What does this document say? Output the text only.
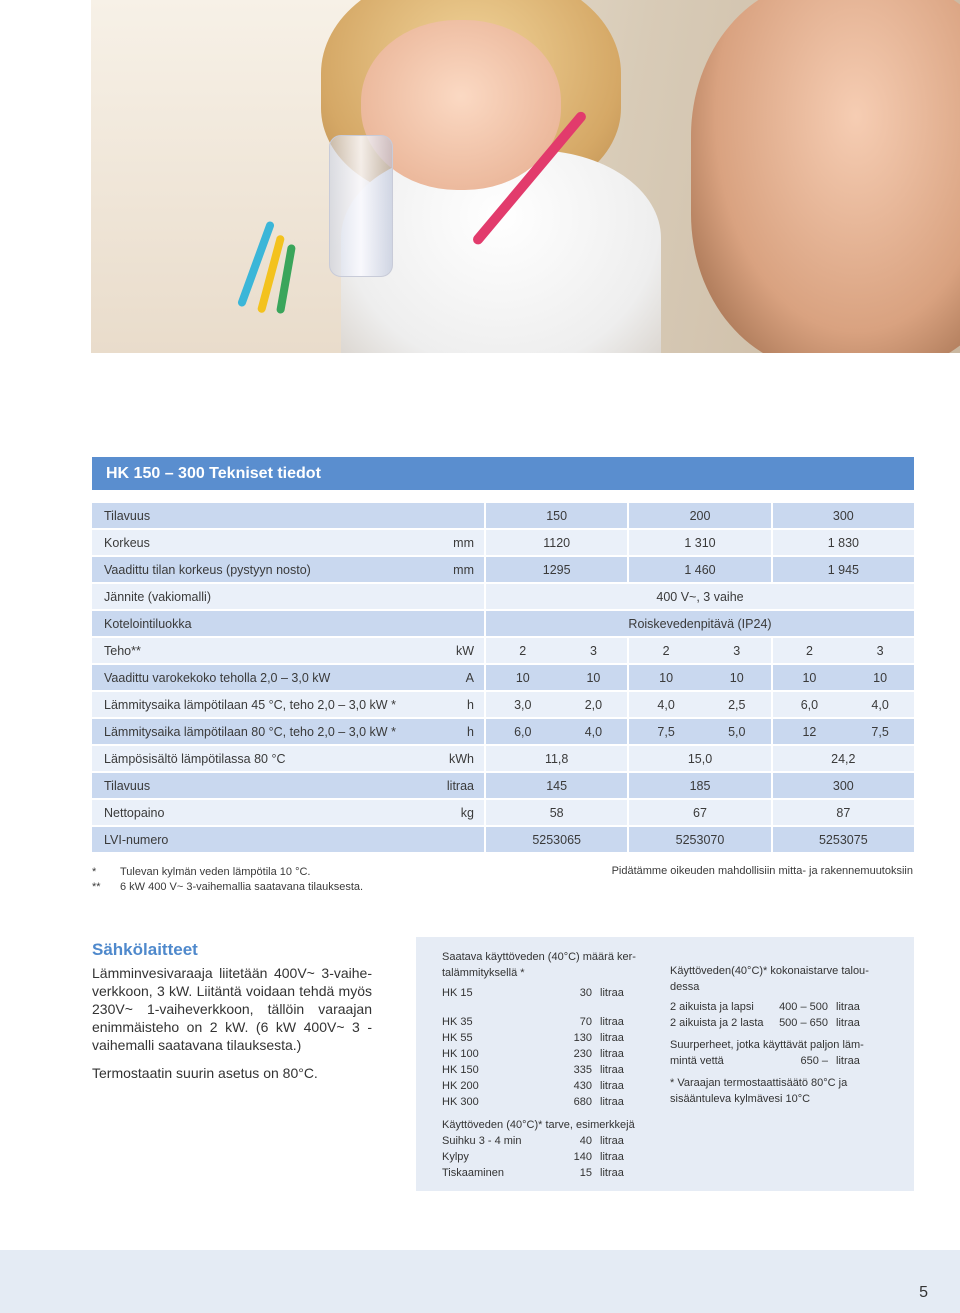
HK 150 – 300 Tekniset tiedot
Tilavuus		150		200		300	
Korkeus	mm	1120		1 310		1 830	
Vaadittu tilan korkeus (pystyyn nosto)	mm	1295		1 460		1 945	
Jännite (vakiomalli)		400 V~, 3 vaihe					
Kotelointiluokka		Roiskevedenpitävä (IP24)					
Teho**	kW	2	3	2	3	2	3
Vaadittu varokekoko teholla 2,0 – 3,0 kW	A	10	10	10	10	10	10
Lämmitysaika lämpötilaan 45 °C, teho 2,0 – 3,0 kW *	h	3,0	2,0	4,0	2,5	6,0	4,0
Lämmitysaika lämpötilaan 80 °C, teho 2,0 – 3,0 kW *	h	6,0	4,0	7,5	5,0	12	7,5
Lämpösisältö lämpötilassa 80 °C	kWh	11,8		15,0		24,2	
Tilavuus	litraa	145		185		300	
Nettopaino	kg	58		67		87	
LVI-numero		5253065		5253070		5253075	
*	Tulevan kylmän veden lämpötila 10 °C.
**	6 kW 400 V~ 3-vaihemallia saatavana tilauksesta.
Pidätämme oikeuden mahdollisiin mitta- ja rakennemuutoksiin
Sähkölaitteet

Lämminvesivaraaja liitetään 400V~ 3-vaiheverkkoon, 3 kW. Liitäntä voidaan tehdä myös 230V~ 1-vaiheverkkoon, tällöin varaajan enimmäisteho on 2 kW. (6 kW 400V~ 3 - vaihemalli saatavana tilauksesta.)

Termostaatin suurin asetus on 80°C.

Saatava käyttöveden (40°C) määrä kertalämmityksellä *
HK 15	30 litraa
HK 35	70 litraa
HK 55	130 litraa
HK 100	230 litraa
HK 150	335 litraa
HK 200	430 litraa
HK 300	680 litraa
Käyttöveden(40°C)* kokonaistarve taloudessa
2 aikuista ja lapsi	400 – 500 litraa
2 aikuista ja 2 lasta	500 – 650 litraa
Suurperheet, jotka käyttävät paljon lämmintä vettä	650 – litraa
* Varaajan termostaattisäätö 80°C ja sisääntuleva kylmävesi 10°C
Käyttöveden (40°C)* tarve, esimerkkejä
Suihku 3 - 4 min	40 litraa
Kylpy	140 litraa
Tiskaaminen	15 litraa
5
